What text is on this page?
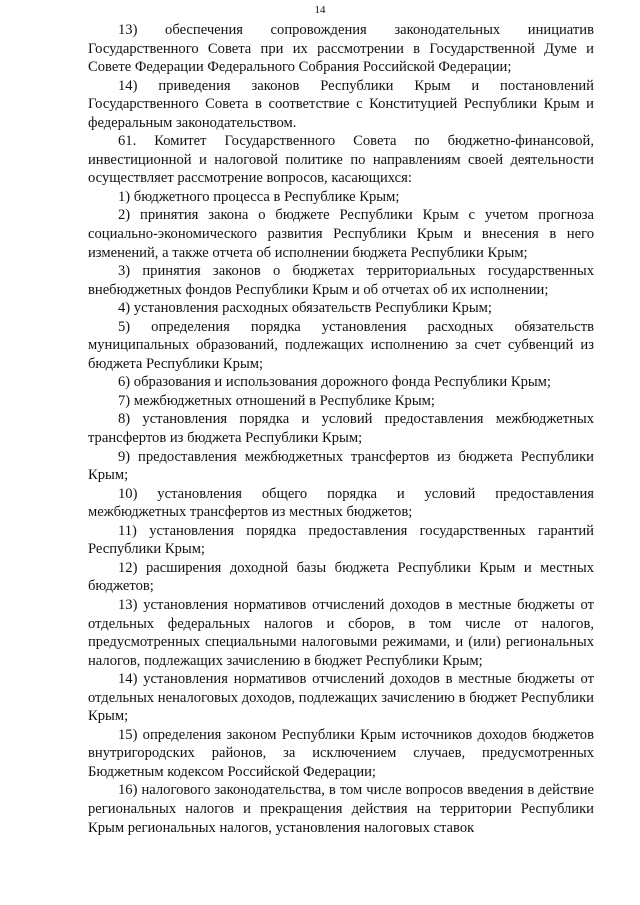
14

13) обеспечения сопровождения законодательных инициатив Государственного Совета при их рассмотрении в Государственной Думе и Совете Федерации Федерального Собрания Российской Федерации;

14) приведения законов Республики Крым и постановлений Государственного Совета в соответствие с Конституцией Республики Крым и федеральным законодательством.

61. Комитет Государственного Совета по бюджетно-финансовой, инвестиционной и налоговой политике по направлениям своей деятельности осуществляет рассмотрение вопросов, касающихся:

1) бюджетного процесса в Республике Крым;

2) принятия закона о бюджете Республики Крым с учетом прогноза социально-экономического развития Республики Крым и внесения в него изменений, а также отчета об исполнении бюджета Республики Крым;

3) принятия законов о бюджетах территориальных государственных внебюджетных фондов Республики Крым и об отчетах об их исполнении;

4) установления расходных обязательств Республики Крым;

5) определения порядка установления расходных обязательств муниципальных образований, подлежащих исполнению за счет субвенций из бюджета Республики Крым;

6) образования и использования дорожного фонда Республики Крым;

7) межбюджетных отношений в Республике Крым;

8) установления порядка и условий предоставления межбюджетных трансфертов из бюджета Республики Крым;

9) предоставления межбюджетных трансфертов из бюджета Республики Крым;

10) установления общего порядка и условий предоставления межбюджетных трансфертов из местных бюджетов;

11) установления порядка предоставления государственных гарантий Республики Крым;

12) расширения доходной базы бюджета Республики Крым и местных бюджетов;

13) установления нормативов отчислений доходов в местные бюджеты от отдельных федеральных налогов и сборов, в том числе от налогов, предусмотренных специальными налоговыми режимами, и (или) региональных налогов, подлежащих зачислению в бюджет Республики Крым;

14) установления нормативов отчислений доходов в местные бюджеты от отдельных неналоговых доходов, подлежащих зачислению в бюджет Республики Крым;

15) определения законом Республики Крым источников доходов бюджетов внутригородских районов, за исключением случаев, предусмотренных Бюджетным кодексом Российской Федерации;

16) налогового законодательства, в том числе вопросов введения в действие региональных налогов и прекращения действия на территории Республики Крым региональных налогов, установления налоговых ставок
